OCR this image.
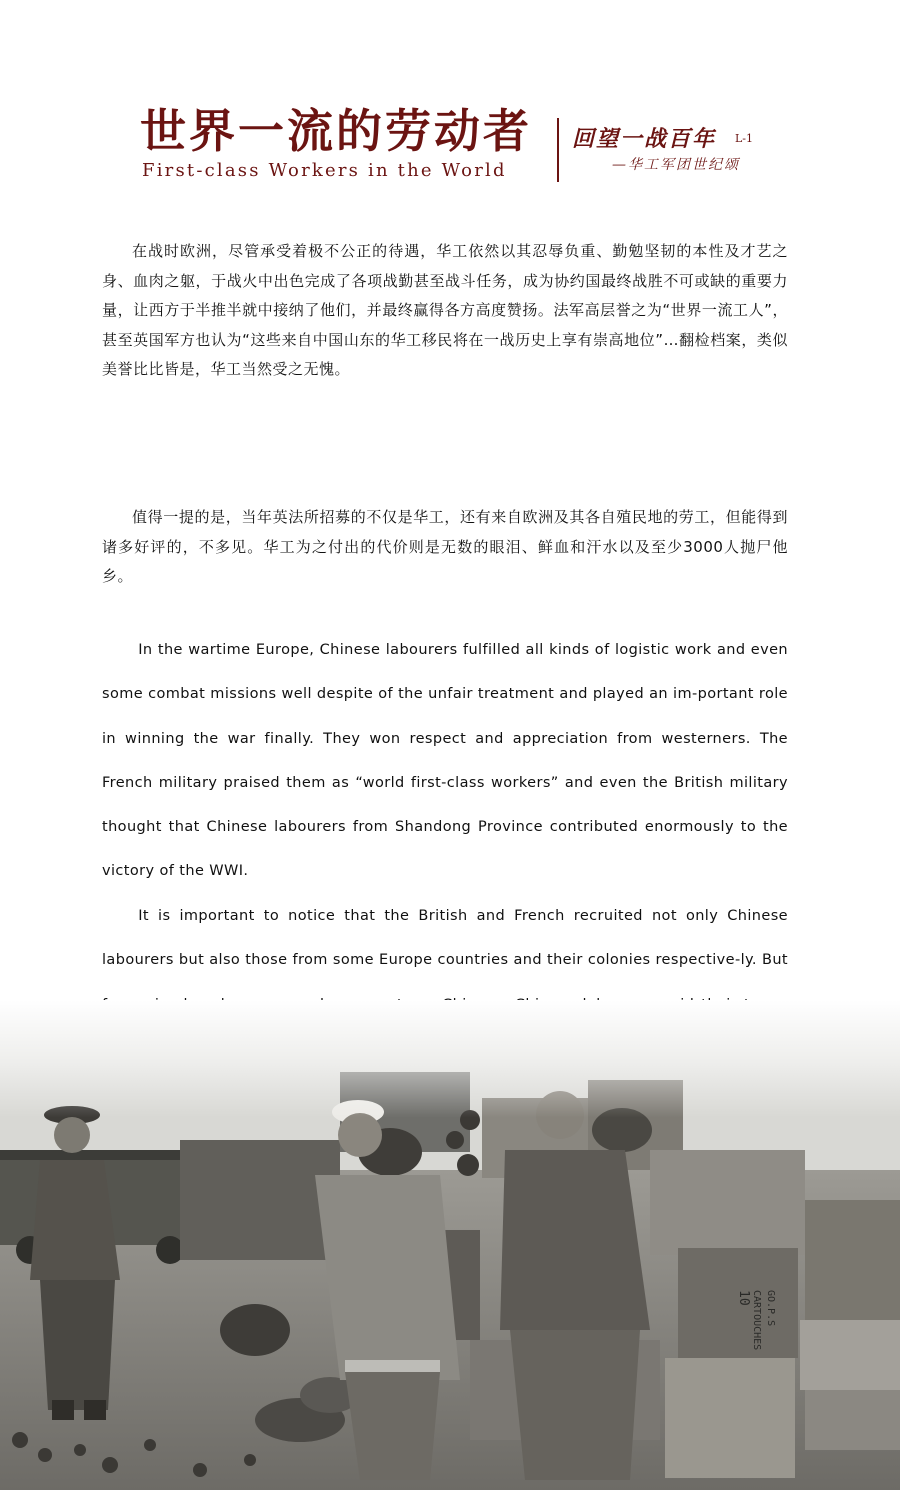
世界一流的劳动者
First-class Workers in the World
回望一战百年 L-1
—华工军团世纪颂

在战时欧洲，尽管承受着极不公正的待遇，华工依然以其忍辱负重、勤勉坚韧的本性及才艺之身、血肉之躯，于战火中出色完成了各项战勤甚至战斗任务，成为协约国最终战胜不可或缺的重要力量，让西方于半推半就中接纳了他们，并最终赢得各方高度赞扬。法军高层誉之为“世界一流工人”，甚至英国军方也认为“这些来自中国山东的华工移民将在一战历史上享有崇高地位”…翻检档案，类似美誉比比皆是，华工当然受之无愧。

值得一提的是，当年英法所招募的不仅是华工，还有来自欧洲及其各自殖民地的劳工，但能得到诸多好评的，不多见。华工为之付出的代价则是无数的眼泪、鲜血和汗水以及至少3000人抛尸他乡。

In the wartime Europe, Chinese labourers fulfilled all kinds of logistic work and even some combat missions well despite of the unfair treatment and played an im-portant role in winning the war finally. They won respect and appreciation from westerners. The French military praised them as “world first-class workers” and even the British military thought that Chinese labourers from Shandong Province contributed enormously to the victory of the WWI.

It is important to notice that the British and French recruited not only Chinese labourers but also those from some Europe countries and their colonies respective-ly. But
